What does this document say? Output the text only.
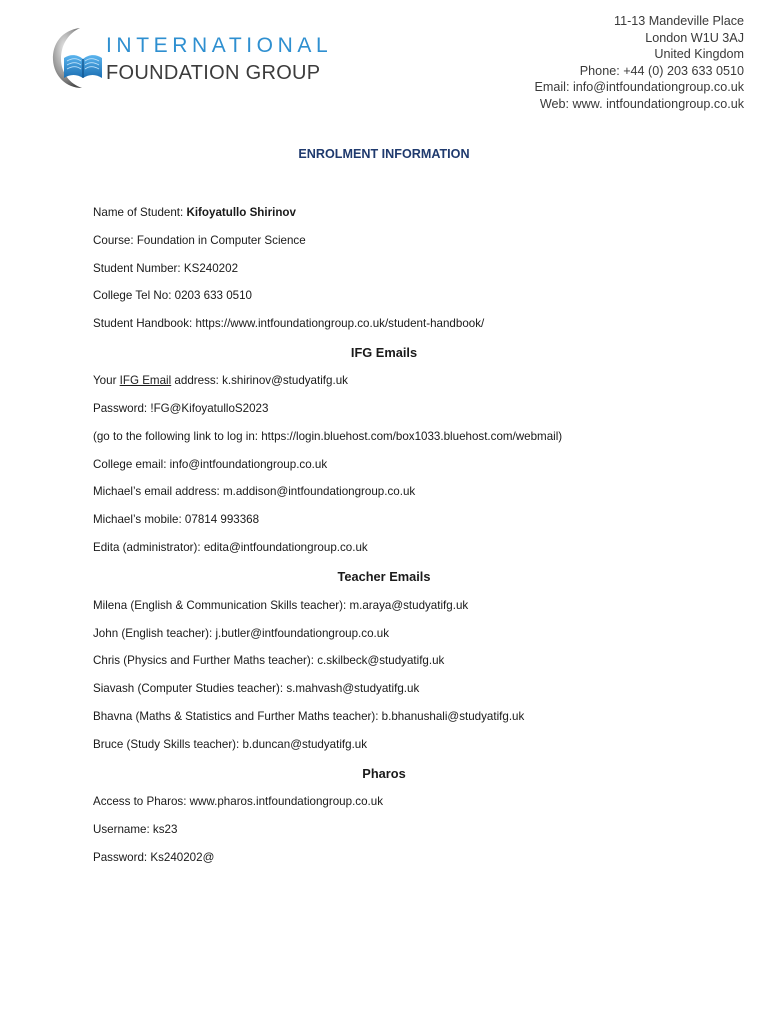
INTERNATIONAL
FOUNDATION GROUP
11-13 Mandeville Place
London W1U 3AJ
United Kingdom
Phone: +44 (0) 203 633 0510
Email: info@intfoundationgroup.co.uk
Web: www. intfoundationgroup.co.uk
ENROLMENT INFORMATION
Name of Student: Kifoyatullo Shirinov
Course: Foundation in Computer Science
Student Number: KS240202
College Tel No: 0203 633 0510
Student Handbook: https://www.intfoundationgroup.co.uk/student-handbook/
IFG Emails
Your IFG Email address: k.shirinov@studyatifg.uk
Password: !FG@KifoyatulloS2023
(go to the following link to log in: https://login.bluehost.com/box1033.bluehost.com/webmail)
College email: info@intfoundationgroup.co.uk
Michael’s email address: m.addison@intfoundationgroup.co.uk
Michael’s mobile: 07814 993368
Edita (administrator): edita@intfoundationgroup.co.uk
Teacher Emails
Milena (English & Communication Skills teacher): m.araya@studyatifg.uk
John (English teacher): j.butler@intfoundationgroup.co.uk
Chris (Physics and Further Maths teacher): c.skilbeck@studyatifg.uk
Siavash (Computer Studies teacher): s.mahvash@studyatifg.uk
Bhavna (Maths & Statistics and Further Maths teacher): b.bhanushali@studyatifg.uk
Bruce (Study Skills teacher): b.duncan@studyatifg.uk
Pharos
Access to Pharos: www.pharos.intfoundationgroup.co.uk
Username: ks23
Password: Ks240202@
